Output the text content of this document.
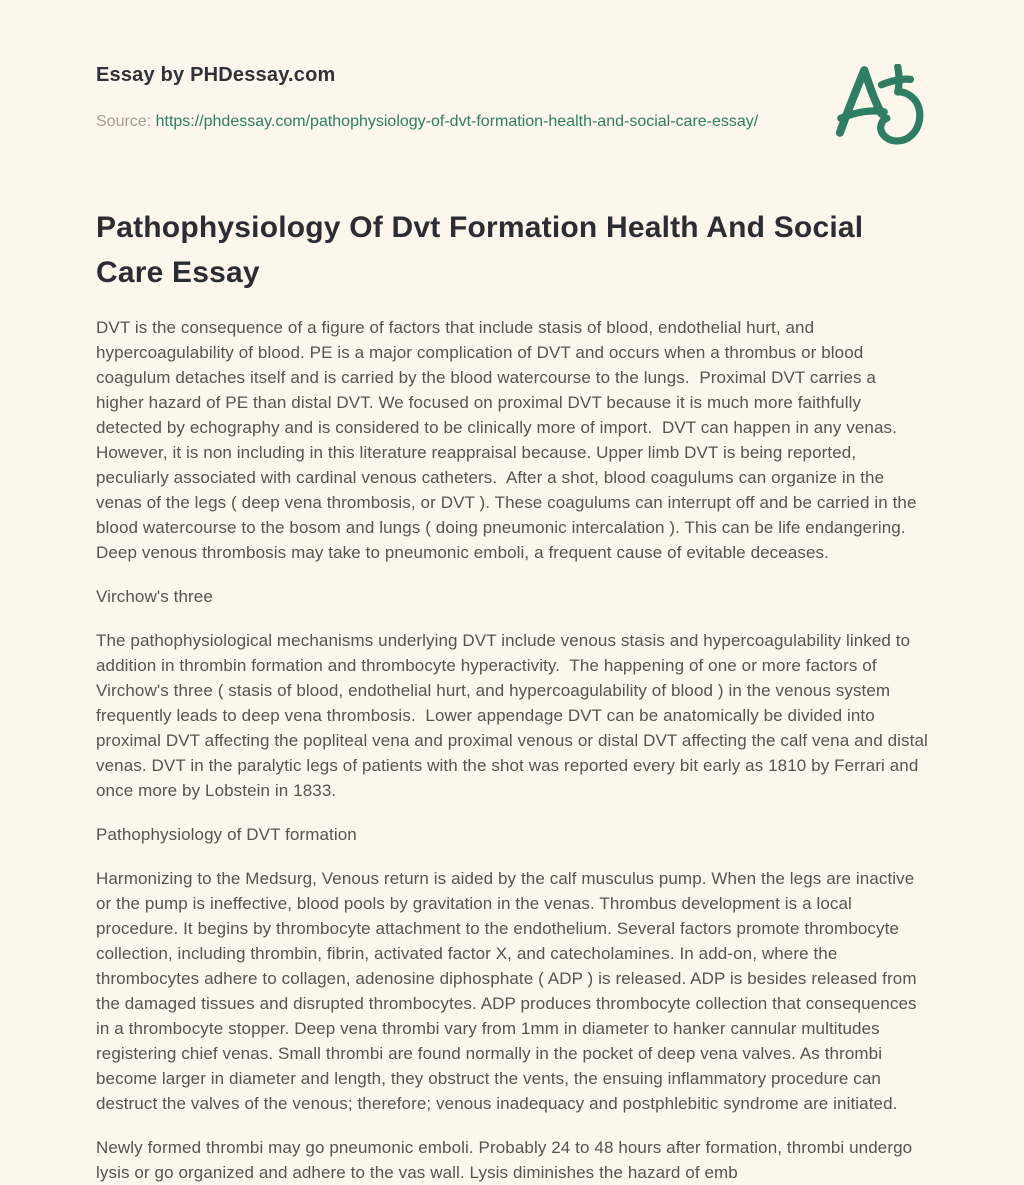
Essay by PHDessay.com

Source: https://phdessay.com/pathophysiology-of-dvt-formation-health-and-social-care-essay/

Pathophysiology Of Dvt Formation Health And Social Care Essay

DVT is the consequence of a figure of factors that include stasis of blood, endothelial hurt, and hypercoagulability of blood. PE is a major complication of DVT and occurs when a thrombus or blood coagulum detaches itself and is carried by the blood watercourse to the lungs.  Proximal DVT carries a higher hazard of PE than distal DVT. We focused on proximal DVT because it is much more faithfully detected by echography and is considered to be clinically more of import.  DVT can happen in any venas. However, it is non including in this literature reappraisal because. Upper limb DVT is being reported, peculiarly associated with cardinal venous catheters.  After a shot, blood coagulums can organize in the venas of the legs ( deep vena thrombosis, or DVT ). These coagulums can interrupt off and be carried in the blood watercourse to the bosom and lungs ( doing pneumonic intercalation ). This can be life endangering.  Deep venous thrombosis may take to pneumonic emboli, a frequent cause of evitable deceases.

Virchow's three

The pathophysiological mechanisms underlying DVT include venous stasis and hypercoagulability linked to addition in thrombin formation and thrombocyte hyperactivity.  The happening of one or more factors of Virchow's three ( stasis of blood, endothelial hurt, and hypercoagulability of blood ) in the venous system frequently leads to deep vena thrombosis.  Lower appendage DVT can be anatomically be divided into proximal DVT affecting the popliteal vena and proximal venous or distal DVT affecting the calf vena and distal venas. DVT in the paralytic legs of patients with the shot was reported every bit early as 1810 by Ferrari and once more by Lobstein in 1833.

Pathophysiology of DVT formation

Harmonizing to the Medsurg, Venous return is aided by the calf musculus pump. When the legs are inactive or the pump is ineffective, blood pools by gravitation in the venas. Thrombus development is a local procedure. It begins by thrombocyte attachment to the endothelium. Several factors promote thrombocyte collection, including thrombin, fibrin, activated factor X, and catecholamines. In add-on, where the thrombocytes adhere to collagen, adenosine diphosphate ( ADP ) is released. ADP is besides released from the damaged tissues and disrupted thrombocytes. ADP produces thrombocyte collection that consequences in a thrombocyte stopper. Deep vena thrombi vary from 1mm in diameter to hanker cannular multitudes registering chief venas. Small thrombi are found normally in the pocket of deep vena valves. As thrombi become larger in diameter and length, they obstruct the vents, the ensuing inflammatory procedure can destruct the valves of the venous; therefore; venous inadequacy and postphlebitic syndrome are initiated.

Newly formed thrombi may go pneumonic emboli. Probably 24 to 48 hours after formation, thrombi undergo lysis or go organized and adhere to the vas wall. Lysis diminishes the hazard of emb
